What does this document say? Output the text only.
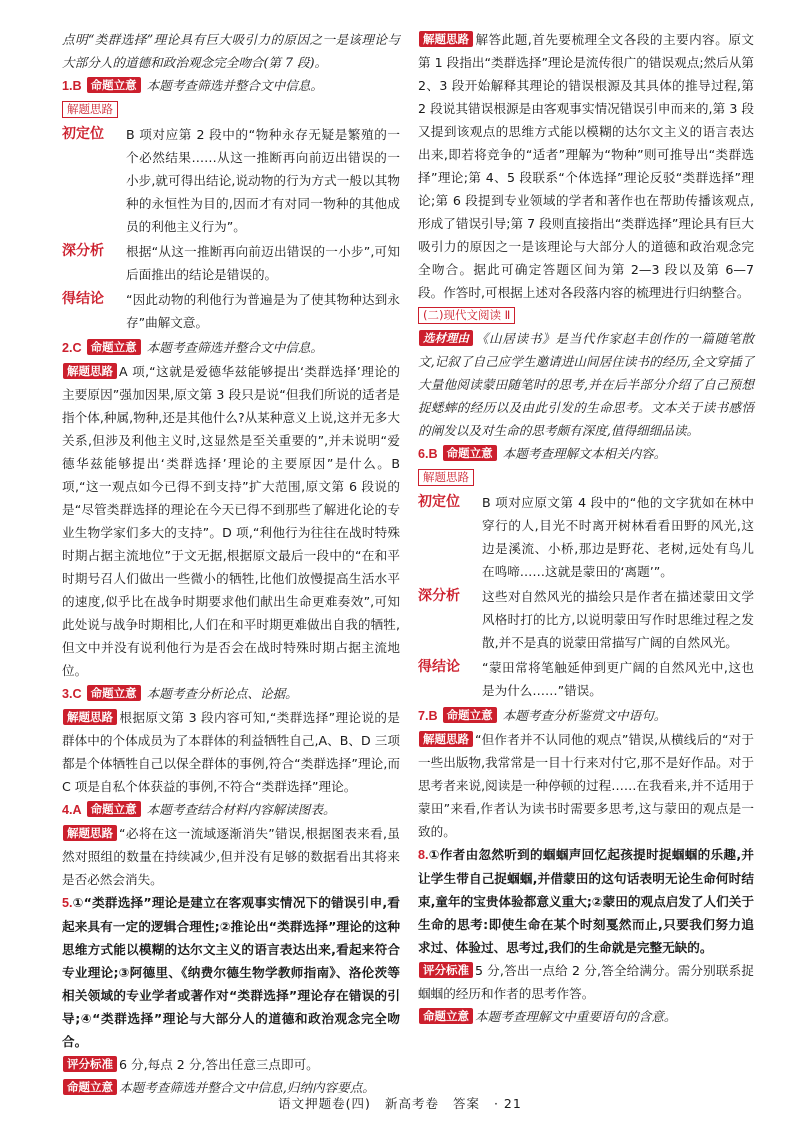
点明“类群选择”理论具有巨大吸引力的原因之一是该理论与大部分人的道德和政治观念完全吻合(第 7 段)。

1.B 命题立意 本题考查筛选并整合文中信息。

解题思路

初定位	B 项对应第 2 段中的“物种永存无疑是繁殖的一个必然结果……从这一推断再向前迈出错误的一小步,就可得出结论,说动物的行为方式一般以其物种的永恒性为目的,因而才有对同一物种的其他成员的利他主义行为”。
深分析	根据“从这一推断再向前迈出错误的一小步”,可知后面推出的结论是错误的。
得结论	“因此动物的利他行为普遍是为了使其物种达到永存”曲解文意。

2.C 命题立意 本题考查筛选并整合文中信息。

解题思路 A 项,“这就是爱德华兹能够提出‘类群选择’理论的主要原因”强加因果,原文第 3 段只是说“但我们所说的适者是指个体,种属,物种,还是其他什么?从某种意义上说,这并无多大关系,但涉及利他主义时,这显然是至关重要的”,并未说明“爱德华兹能够提出‘类群选择’理论的主要原因”是什么。B 项,“这一观点如今已得不到支持”扩大范围,原文第 6 段说的是“尽管类群选择的理论在今天已得不到那些了解进化论的专业生物学家们多大的支持”。D 项,“利他行为往往在战时特殊时期占据主流地位”于文无据,根据原文最后一段中的“在和平时期号召人们做出一些微小的牺牲,比他们放慢提高生活水平的速度,似乎比在战争时期要求他们献出生命更难奏效”,可知此处说与战争时期相比,人们在和平时期更难做出自我的牺牲,但文中并没有说利他行为是否会在战时特殊时期占据主流地位。

3.C 命题立意 本题考查分析论点、论据。

解题思路 根据原文第 3 段内容可知,“类群选择”理论说的是群体中的个体成员为了本群体的利益牺牲自己,A、B、D 三项都是个体牺牲自己以保全群体的事例,符合“类群选择”理论,而 C 项是自私个体获益的事例,不符合“类群选择”理论。

4.A 命题立意 本题考查结合材料内容解读图表。

解题思路 “必将在这一流域逐渐消失”错误,根据图表来看,虽然对照组的数量在持续减少,但并没有足够的数据看出其将来是否必然会消失。

5.①“类群选择”理论是建立在客观事实情况下的错误引申,看起来具有一定的逻辑合理性;②推论出“类群选择”理论的这种思维方式能以模糊的达尔文主义的语言表达出来,看起来符合专业理论;③阿德里、《纳费尔德生物学教师指南》、洛伦茨等相关领域的专业学者或著作对“类群选择”理论存在错误的引导;④“类群选择”理论与大部分人的道德和政治观念完全吻合。

评分标准 6 分,每点 2 分,答出任意三点即可。

命题立意 本题考查筛选并整合文中信息,归纳内容要点。

解题思路 解答此题,首先要梳理全文各段的主要内容。原文第 1 段指出“类群选择”理论是流传很广的错误观点;然后从第 2、3 段开始解释其理论的错误根源及其具体的推导过程,第 2 段说其错误根源是由客观事实情况错误引申而来的,第 3 段又提到该观点的思维方式能以模糊的达尔文主义的语言表达出来,即若将竞争的“适者”理解为“物种”则可推导出“类群选择”理论;第 4、5 段联系“个体选择”理论反驳“类群选择”理论;第 6 段提到专业领域的学者和著作也在帮助传播该观点,形成了错误引导;第 7 段则直接指出“类群选择”理论具有巨大吸引力的原因之一是该理论与大部分人的道德和政治观念完全吻合。据此可确定答题区间为第 2—3 段以及第 6—7 段。作答时,可根据上述对各段落内容的梳理进行归纳整合。

(二)现代文阅读 Ⅱ

选材理由 《山居读书》是当代作家赵丰创作的一篇随笔散文,记叙了自己应学生邀请进山间居住读书的经历,全文穿插了大量他阅读蒙田随笔时的思考,并在后半部分介绍了自己预想捉蟋蟀的经历以及由此引发的生命思考。文本关于读书感悟的阐发以及对生命的思考颇有深度,值得细细品读。

6.B 命题立意 本题考查理解文本相关内容。

解题思路

初定位	B 项对应原文第 4 段中的“他的文字犹如在林中穿行的人,目光不时离开树林看看田野的风光,这边是溪流、小桥,那边是野花、老树,远处有鸟儿在鸣啼……这就是蒙田的‘离题’”。
深分析	这些对自然风光的描绘只是作者在描述蒙田文学风格时打的比方,以说明蒙田写作时思维过程之发散,并不是真的说蒙田常描写广阔的自然风光。
得结论	“蒙田常将笔触延伸到更广阔的自然风光中,这也是为什么……”错误。

7.B 命题立意 本题考查分析鉴赏文中语句。

解题思路 “但作者并不认同他的观点”错误,从横线后的“对于一些出版物,我常常是一目十行来对付它,那不是好作品。对于思考者来说,阅读是一种停顿的过程……在我看来,并不适用于蒙田”来看,作者认为读书时需要多思考,这与蒙田的观点是一致的。

8.①作者由忽然听到的蝈蝈声回忆起孩提时捉蝈蝈的乐趣,并让学生带自己捉蝈蝈,并借蒙田的这句话表明无论生命何时结束,童年的宝贵体验都意义重大;②蒙田的观点启发了人们关于生命的思考:即使生命在某个时刻戛然而止,只要我们努力追求过、体验过、思考过,我们的生命就是完整无缺的。

评分标准 5 分,答出一点给 2 分,答全给满分。需分别联系捉蝈蝈的经历和作者的思考作答。

命题立意 本题考查理解文中重要语句的含意。

语文押题卷(四) 新高考卷 答案 · 21
